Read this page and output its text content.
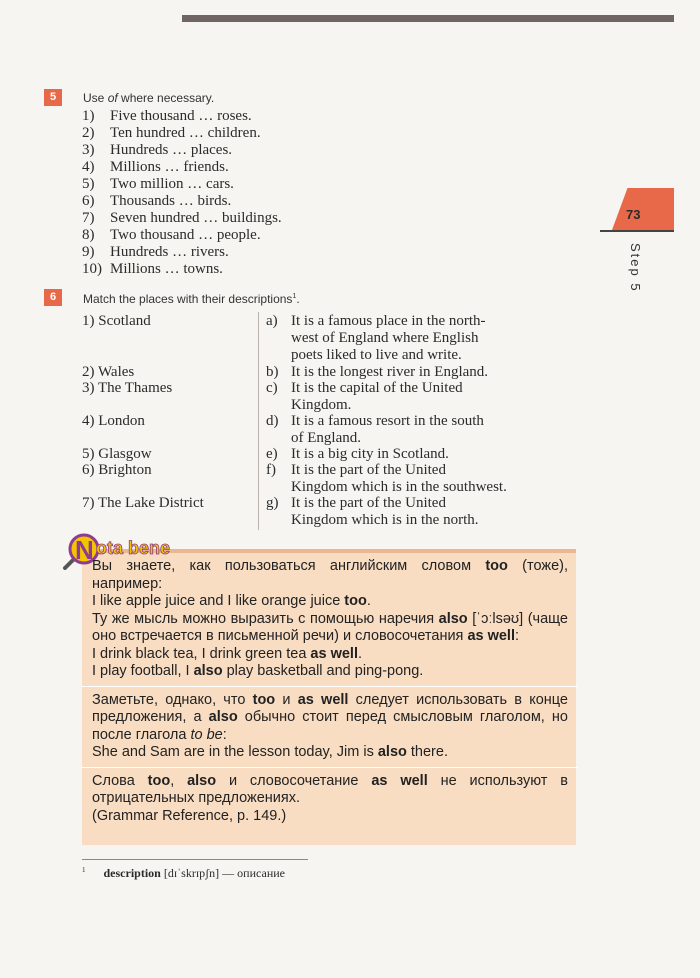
73
Step 5
5	Use of where necessary.
1) Five thousand … roses.
2) Ten hundred … children.
3) Hundreds … places.
4) Millions … friends.
5) Two million … cars.
6) Thousands … birds.
7) Seven hundred … buildings.
8) Two thousand … people.
9) Hundreds … rivers.
10) Millions … towns.
6	Match the places with their descriptions$^1$.
1) Scotland
2) Wales
3) The Thames
4) London
5) Glasgow
6) Brighton
7) The Lake District
a) It is a famous place in the north-
west of England where English
poets liked to live and write.
b) It is the longest river in England.
c) It is the capital of the United
Kingdom.
d) It is a famous resort in the south
of England.
e) It is a big city in Scotland.
f) It is the part of the United
Kingdom which is in the southwest.
g) It is the part of the United
Kingdom which is in the north.
N ota bene

Вы знаете, как пользоваться английским словом too (тоже), например:

I like apple juice and I like orange juice too.

Ту же мысль можно выразить с помощью наречия also [ˈɔːlsəʊ] (чаще оно встречается в письменной речи) и словосочетания as well:

I drink black tea, I drink green tea as well.

I play football, I also play basketball and ping-pong.

Заметьте, однако, что too и as well следует использовать в конце предложения, а also обычно стоит перед смысловым глаголом, но после глагола to be:

She and Sam are in the lesson today, Jim is also there.

Слова too, also и словосочетание as well не используют в отрицательных предложениях.

(Grammar Reference, p. 149.)

$^1$ description [dɪˈskrɪpʃn] — описание
